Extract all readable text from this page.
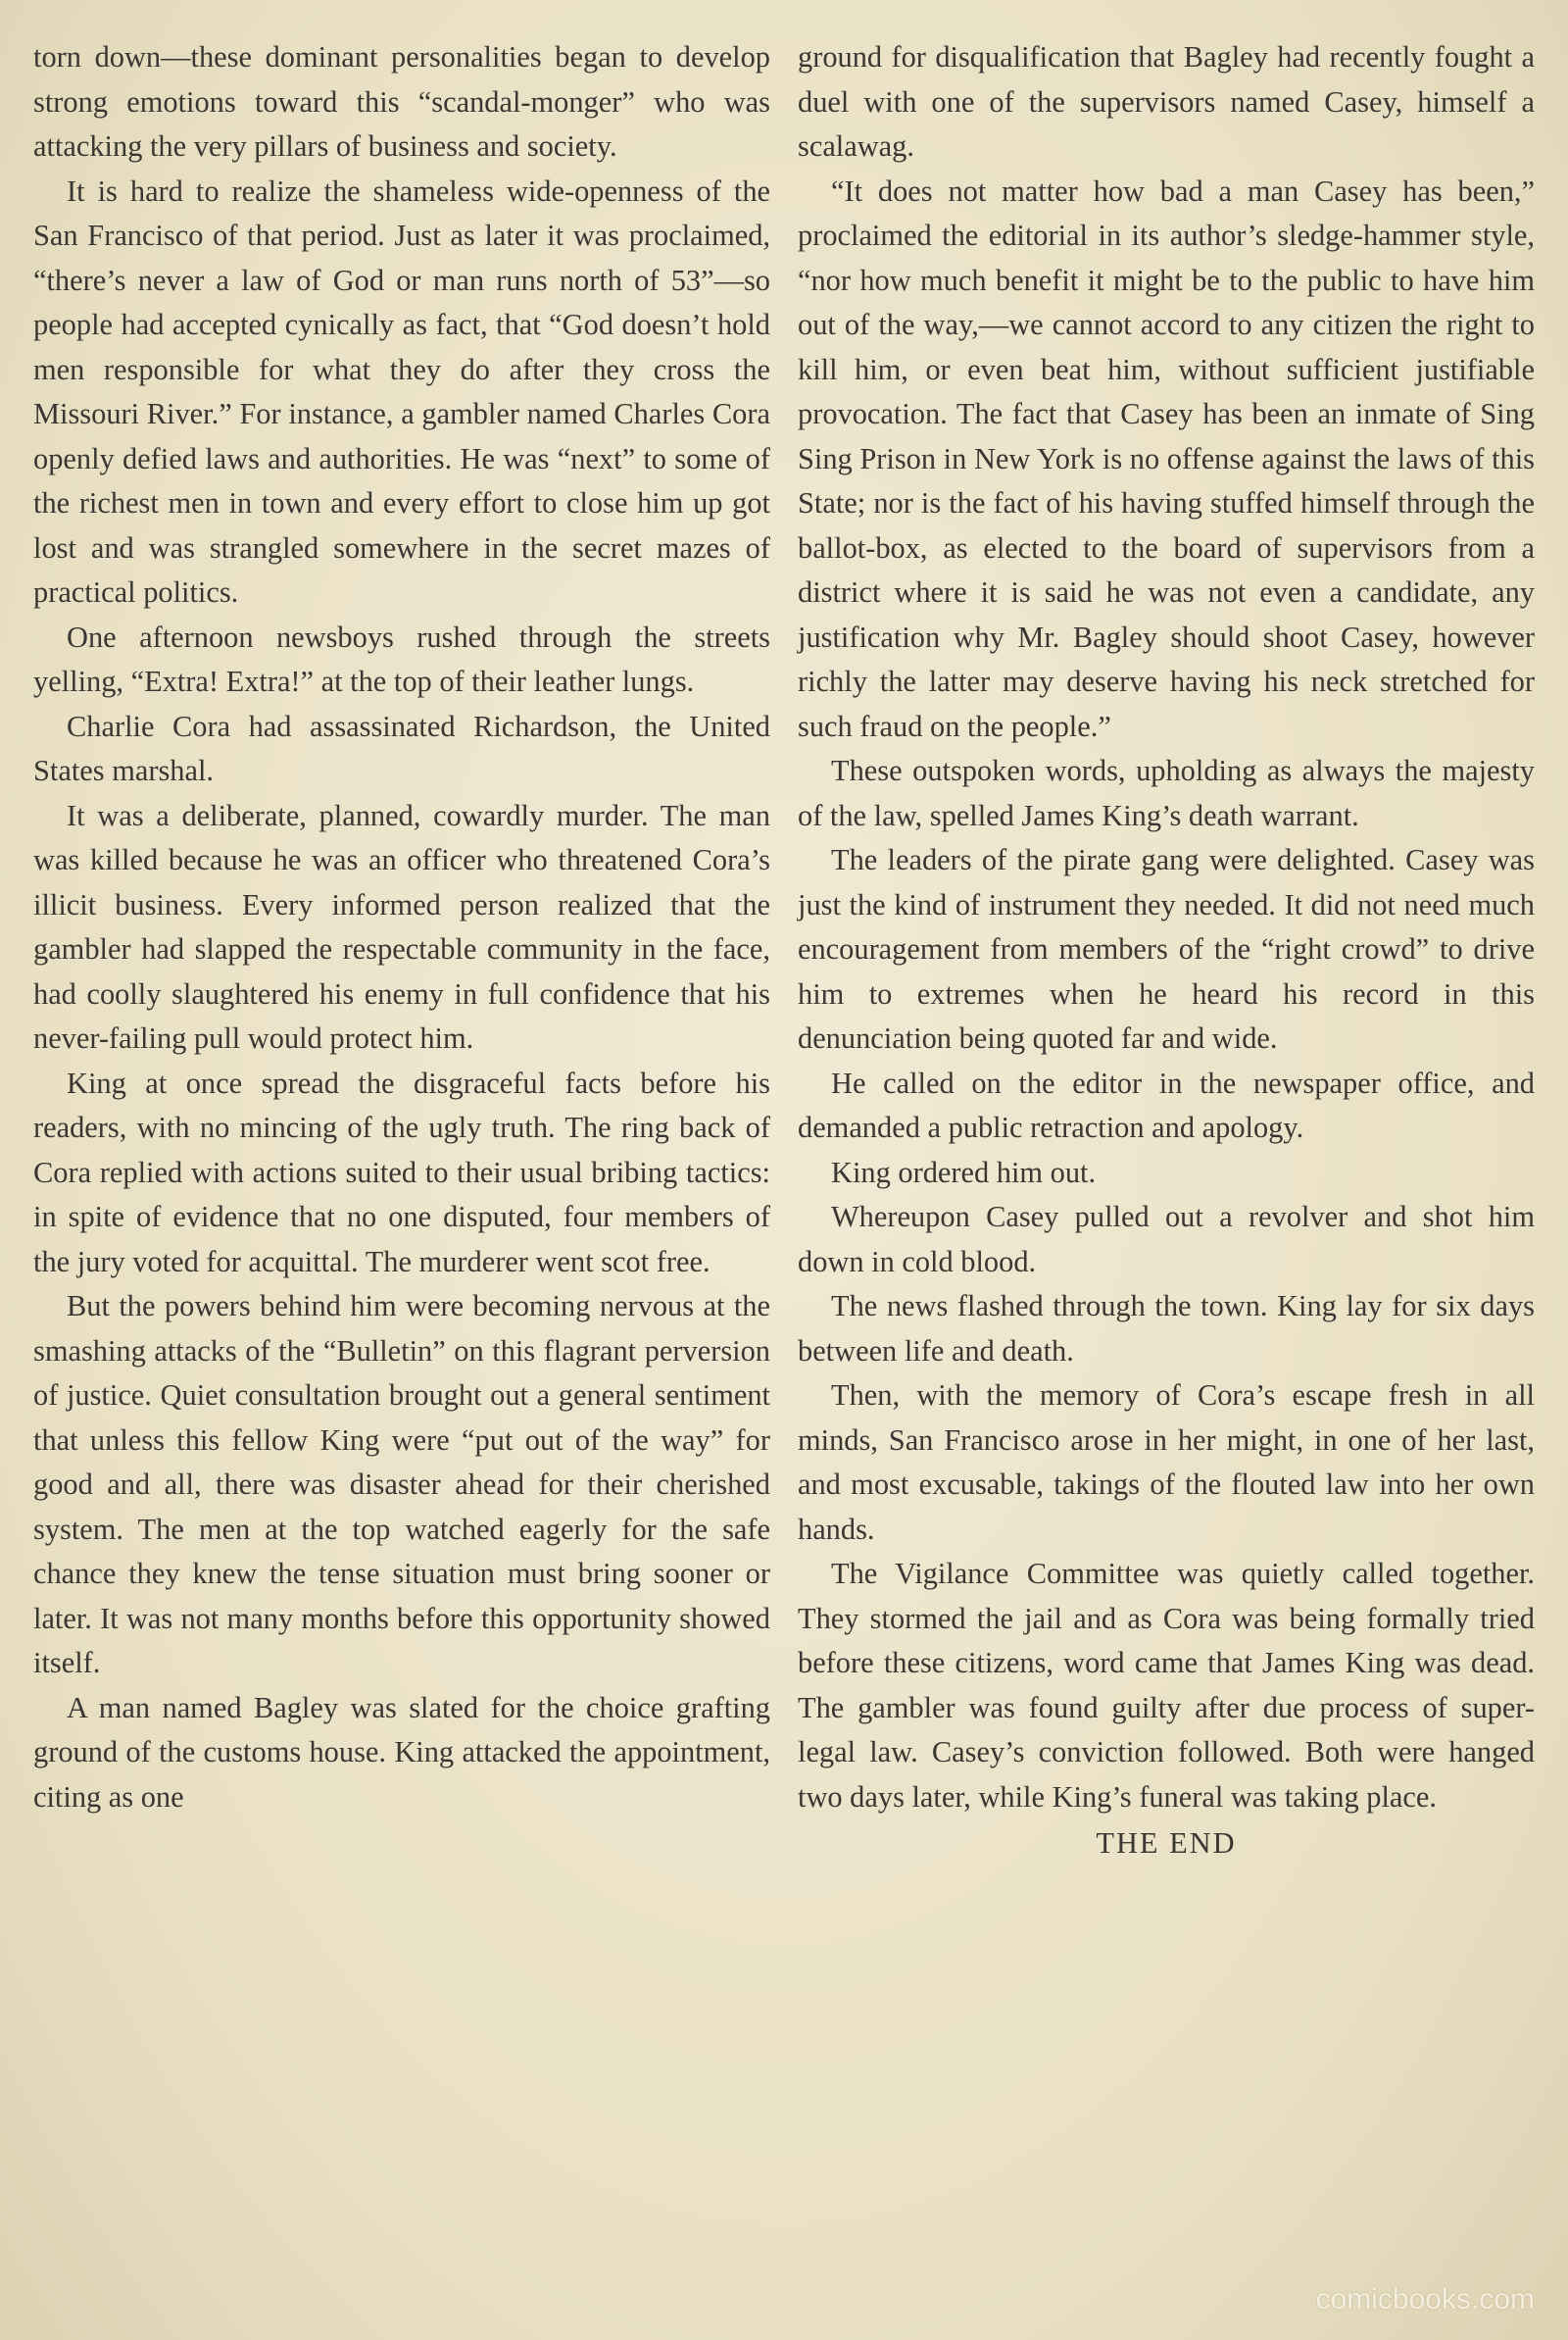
torn down—these dominant personalities began to develop strong emotions toward this “scandal-monger” who was attacking the very pillars of business and society.

It is hard to realize the shameless wide-openness of the San Francisco of that period. Just as later it was proclaimed, “there’s never a law of God or man runs north of 53”—so people had accepted cynically as fact, that “God doesn’t hold men responsible for what they do after they cross the Missouri River.” For instance, a gambler named Charles Cora openly defied laws and authorities. He was “next” to some of the richest men in town and every effort to close him up got lost and was strangled somewhere in the secret mazes of practical politics.

One afternoon newsboys rushed through the streets yelling, “Extra! Extra!” at the top of their leather lungs.

Charlie Cora had assassinated Richardson, the United States marshal.

It was a deliberate, planned, cowardly murder. The man was killed because he was an officer who threatened Cora’s illicit business. Every informed person realized that the gambler had slapped the respectable community in the face, had coolly slaughtered his enemy in full confidence that his never-failing pull would protect him.

King at once spread the disgraceful facts before his readers, with no mincing of the ugly truth. The ring back of Cora replied with actions suited to their usual bribing tactics: in spite of evidence that no one disputed, four members of the jury voted for acquittal. The murderer went scot free.

But the powers behind him were becoming nervous at the smashing attacks of the “Bulletin” on this flagrant perversion of justice. Quiet consultation brought out a general sentiment that unless this fellow King were “put out of the way” for good and all, there was disaster ahead for their cherished system. The men at the top watched eagerly for the safe chance they knew the tense situation must bring sooner or later. It was not many months before this opportunity showed itself.

A man named Bagley was slated for the choice grafting ground of the customs house. King attacked the appointment, citing as one

ground for disqualification that Bagley had recently fought a duel with one of the supervisors named Casey, himself a scalawag.

“It does not matter how bad a man Casey has been,” proclaimed the editorial in its author’s sledge-hammer style, “nor how much benefit it might be to the public to have him out of the way,—we cannot accord to any citizen the right to kill him, or even beat him, without sufficient justifiable provocation. The fact that Casey has been an inmate of Sing Sing Prison in New York is no offense against the laws of this State; nor is the fact of his having stuffed himself through the ballot-box, as elected to the board of supervisors from a district where it is said he was not even a candidate, any justification why Mr. Bagley should shoot Casey, however richly the latter may deserve having his neck stretched for such fraud on the people.”

These outspoken words, upholding as always the majesty of the law, spelled James King’s death warrant.

The leaders of the pirate gang were delighted. Casey was just the kind of instrument they needed. It did not need much encouragement from members of the “right crowd” to drive him to extremes when he heard his record in this denunciation being quoted far and wide.

He called on the editor in the newspaper office, and demanded a public retraction and apology.

King ordered him out.

Whereupon Casey pulled out a revolver and shot him down in cold blood.

The news flashed through the town. King lay for six days between life and death.

Then, with the memory of Cora’s escape fresh in all minds, San Francisco arose in her might, in one of her last, and most excusable, takings of the flouted law into her own hands.

The Vigilance Committee was quietly called together. They stormed the jail and as Cora was being formally tried before these citizens, word came that James King was dead. The gambler was found guilty after due process of super-legal law. Casey’s conviction followed. Both were hanged two days later, while King’s funeral was taking place.

THE END

comicbooks.com
